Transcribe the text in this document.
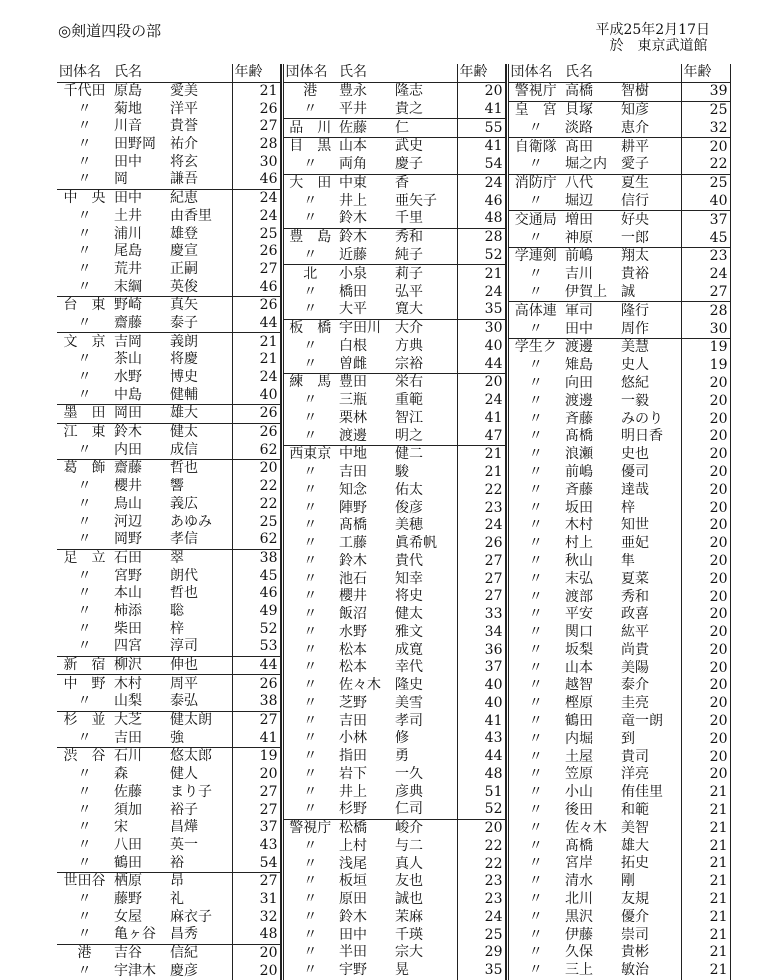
◎剣道四段の部	平成25年2月17日
於　東京武道館
団体名	氏名	年齢
千代田	原島　　愛美	21
〃	菊地　　洋平	26
〃	川音　　貴誉	27
〃	田野岡　祐介	28
〃	田中　　将玄	30
〃	岡　　　謙吾	46
中　央	田中　　紀恵	24
〃	土井　　由香里	24
〃	浦川　　雄登	25
〃	尾島　　慶宣	26
〃	荒井　　正嗣	27
〃	末綱　　英俊	46
台　東	野崎　　真矢	26
〃	齋藤　　泰子	44
文　京	吉岡　　義朗	21
〃	茶山　　将慶	21
〃	水野　　博史	24
〃	中島　　健輔	40
墨　田	岡田　　雄大	26
江　東	鈴木　　健太	26
〃	内田　　成信	62
葛　飾	齋藤　　哲也	20
〃	櫻井　　響	22
〃	鳥山　　義広	22
〃	河辺　　あゆみ	25
〃	岡野　　孝信	62
足　立	石田　　翠	38
〃	宮野　　朗代	45
〃	本山　　哲也	46
〃	柿添　　聡	49
〃	柴田　　梓	52
〃	四宮　　淳司	53
新　宿	柳沢　　伸也	44
中　野	木村　　周平	26
〃	山梨　　泰弘	38
杉　並	大芝　　健太朗	27
〃	吉田　　強	41
渋　谷	石川　　悠太郎	19
〃	森　　　健人	20
〃	佐藤　　まり子	27
〃	須加　　裕子	27
〃	宋　　　昌燁	37
〃	八田　　英一	43
〃	鶴田　　裕	54
世田谷	栖原　　昂	27
〃	藤野　　礼	31
〃	女屋　　麻衣子	32
〃	亀ヶ谷　昌秀	48
港	吉谷　　信紀	20
〃	宇津木　慶彦	20
団体名	氏名	年齢
港	豊永　　隆志	20
〃	平井　　貴之	41
品　川	佐藤　　仁	55
目　黒	山本　　武史	41
〃	両角　　慶子	54
大　田	中東　　香	24
〃	井上　　亜矢子	46
〃	鈴木　　千里	48
豊　島	鈴木　　秀和	28
〃	近藤　　純子	52
北	小泉　　莉子	21
〃	橋田　　弘平	24
〃	大平　　寛大	35
板　橋	宇田川　大介	30
〃	白根　　方典	40
〃	曽雌　　宗裕	44
練　馬	豊田　　栄右	20
〃	三瓶　　重範	24
〃	栗林　　智江	41
〃	渡邊　　明之	47
西東京	中地　　健二	21
〃	吉田　　駿	21
〃	知念　　佑太	22
〃	陣野　　俊彦	23
〃	髙橋　　美穂	24
〃	工藤　　眞希帆	26
〃	鈴木　　貴代	27
〃	池石　　知幸	27
〃	櫻井　　将史	27
〃	飯沼　　健太	33
〃	水野　　雅文	34
〃	松本　　成寛	36
〃	松本　　幸代	37
〃	佐々木　隆史	40
〃	芝野　　美雪	40
〃	吉田　　孝司	41
〃	小林　　修	43
〃	指田　　勇	44
〃	岩下　　一久	48
〃	井上　　彦典	51
〃	杉野　　仁司	52
警視庁	松橋　　峻介	20
〃	上村　　与二	22
〃	浅尾　　真人	22
〃	板垣　　友也	23
〃	原田　　誠也	23
〃	鈴木　　茉麻	24
〃	田中　　千瑛	25
〃	半田　　宗大	29
〃	宇野　　晃	35
団体名	氏名	年齢
警視庁	高橋　　智樹	39
皇　宮	貝塚　　知彦	25
〃	淡路　　恵介	32
自衛隊	髙田　　耕平	20
〃	堀之内　愛子	22
消防庁	八代　　夏生	25
〃	堀辺　　信行	40
交通局	増田　　好央	37
〃	神原　　一郎	45
学連剣	前嶋　　翔太	23
〃	吉川　　貴裕	24
〃	伊賀上　誠	27
高体連	軍司　　隆行	28
〃	田中　　周作	30
学生ク	渡邊　　美慧	19
〃	雉島　　史人	19
〃	向田　　悠紀	20
〃	渡邊　　一毅	20
〃	斉藤　　みのり	20
〃	髙橋　　明日香	20
〃	浪瀬　　史也	20
〃	前嶋　　優司	20
〃	斉藤　　達哉	20
〃	坂田　　梓	20
〃	木村　　知世	20
〃	村上　　亜妃	20
〃	秋山　　隼	20
〃	末弘　　夏菜	20
〃	渡部　　秀和	20
〃	平安　　政喜	20
〃	関口　　紘平	20
〃	坂梨　　尚貴	20
〃	山本　　美陽	20
〃	越智　　泰介	20
〃	樫原　　圭亮	20
〃	鶴田　　竜一朗	20
〃	内堀　　到	20
〃	土屋　　貴司	20
〃	笠原　　洋亮	20
〃	小山　　侑佳里	21
〃	後田　　和範	21
〃	佐々木　美智	21
〃	髙橋　　雄大	21
〃	宮岸　　拓史	21
〃	清水　　剛	21
〃	北川　　友規	21
〃	黒沢　　優介	21
〃	伊藤　　崇司	21
〃	久保　　貴彬	21
〃	三上　　敏治	21
